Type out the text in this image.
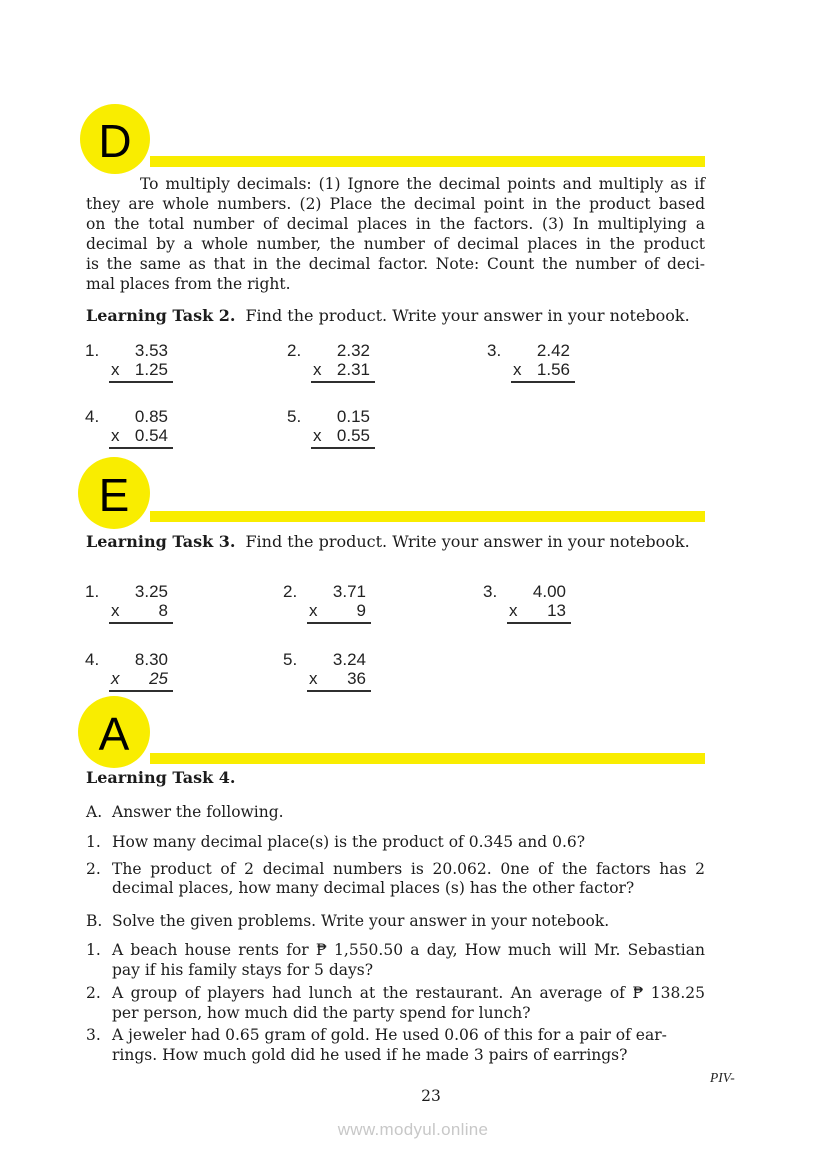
D
To multiply decimals: (1) Ignore the decimal points and multiply as if
they are whole numbers. (2) Place the decimal point in the product based
on the total number of decimal places in the factors. (3) In multiplying a
decimal by a whole number, the number of decimal places in the product
is the same as that in the decimal factor. Note: Count the number of deci-
mal places from the right.
Learning Task 2. Find the product. Write your answer in your notebook.
1.	3.53
x 1.25
2.	2.32
x 2.31
3.	2.42
x 1.56
4.	0.85
x 0.54
5.	0.15
x 0.55
E
Learning Task 3. Find the product. Write your answer in your notebook.
1.	3.25
x 8
2.	3.71
x 9
3.	4.00
x 13
4.	8.30
x 25
5.	3.24
x 36
A
Learning Task 4.
A. Answer the following.
1. How many decimal place(s) is the product of 0.345 and 0.6?
2. The product of 2 decimal numbers is 20.062. 0ne of the factors has 2
decimal places, how many decimal places (s) has the other factor?
B. Solve the given problems. Write your answer in your notebook.
1. A beach house rents for ₱ 1,550.50 a day, How much will Mr. Sebastian
pay if his family stays for 5 days?
2. A group of players had lunch at the restaurant. An average of ₱ 138.25
per person, how much did the party spend for lunch?
3. A jeweler had 0.65 gram of gold. He used 0.06 of this for a pair of ear-
rings. How much gold did he used if he made 3 pairs of earrings?
PIV-
23
www.modyul.online
